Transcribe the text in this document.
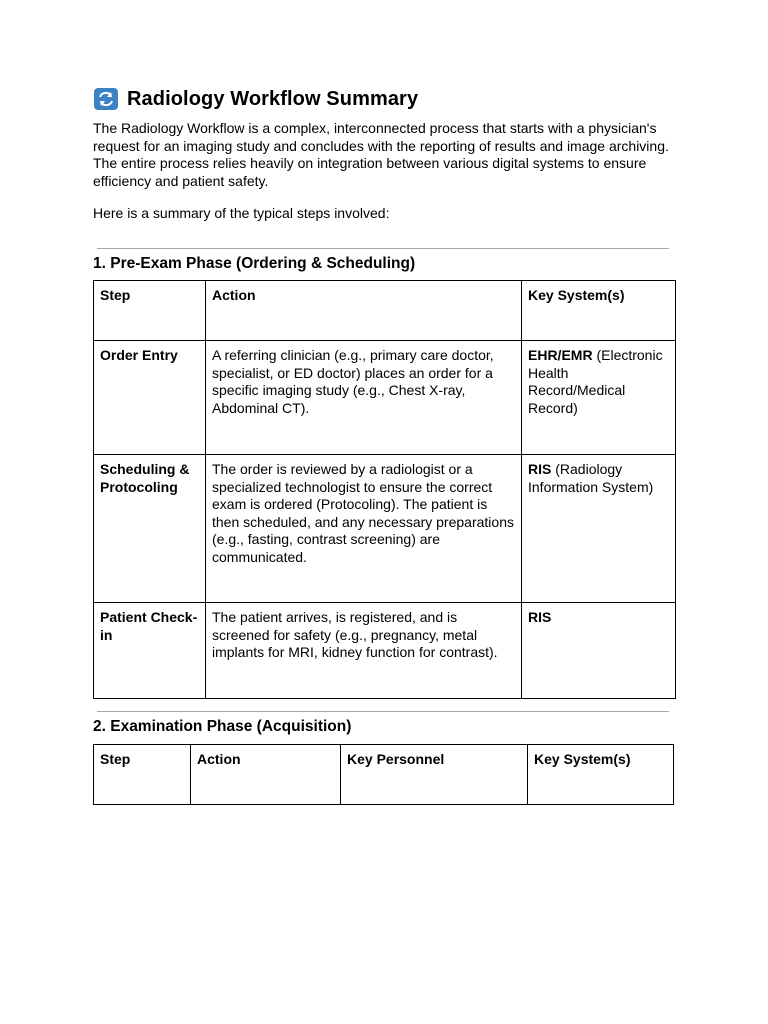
Radiology Workflow Summary

The Radiology Workflow is a complex, interconnected process that starts with a physician's request for an imaging study and concludes with the reporting of results and image archiving. The entire process relies heavily on integration between various digital systems to ensure efficiency and patient safety.

Here is a summary of the typical steps involved:

1. Pre-Exam Phase (Ordering & Scheduling)
Step	Action	Key System(s)
Order Entry	A referring clinician (e.g., primary care doctor, specialist, or ED doctor) places an order for a specific imaging study (e.g., Chest X-ray, Abdominal CT).	EHR/EMR (Electronic Health Record/Medical Record)
Scheduling & Protocoling	The order is reviewed by a radiologist or a specialized technologist to ensure the correct exam is ordered (Protocoling). The patient is then scheduled, and any necessary preparations (e.g., fasting, contrast screening) are communicated.	RIS (Radiology Information System)
Patient Check-in	The patient arrives, is registered, and is screened for safety (e.g., pregnancy, metal implants for MRI, kidney function for contrast).	RIS
2. Examination Phase (Acquisition)
Step	Action	Key Personnel	Key System(s)
